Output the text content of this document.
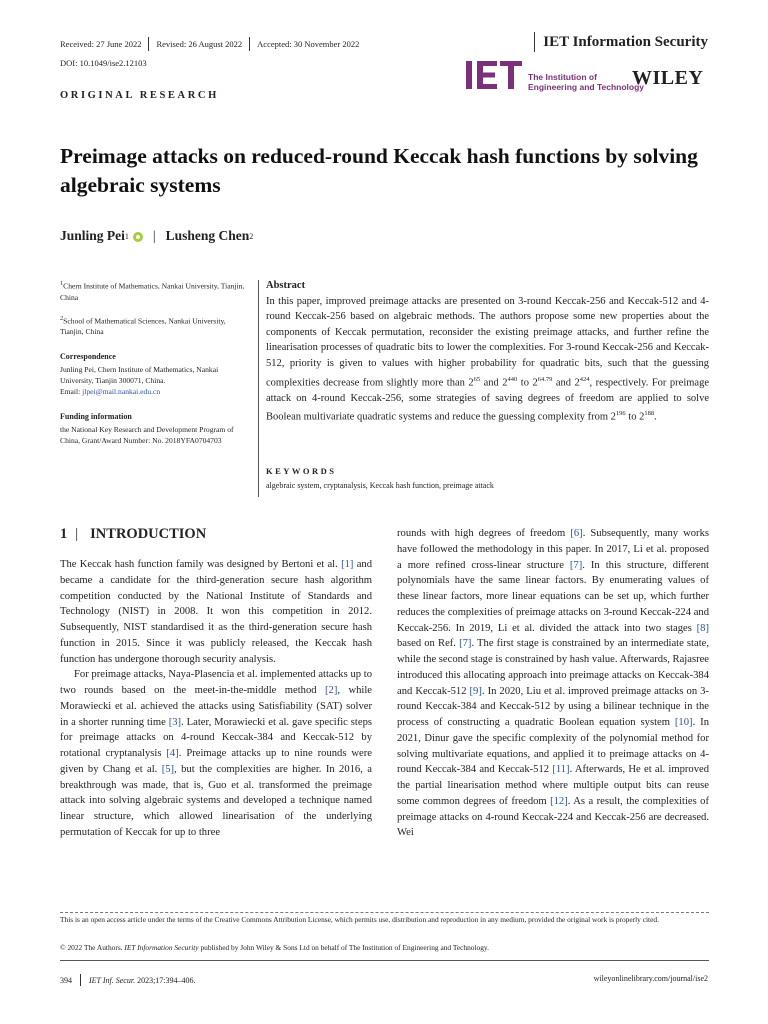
Received: 27 June 2022 Revised: 26 August 2022 Accepted: 30 November 2022	IET Information Security
DOI: 10.1049/ise2.12103
The Institution of
Engineering and Technology
WILEY
ORIGINAL RESEARCH
Preimage attacks on reduced-round Keccak hash functions by solving algebraic systems
Junling Pei 1 | Lusheng Chen 2
$^1$Chern Institute of Mathematics, Nankai University, Tianjin, China
$^2$School of Mathematical Sciences, Nankai University, Tianjin, China
Correspondence
Junling Pei, Chern Institute of Mathematics, Nankai University, Tianjin 300071, China.
Email: jlpei@mail.nankai.edu.cn
Funding information
the National Key Research and Development Program of China, Grant/Award Number: No. 2018YFA0704703
Abstract

In this paper, improved preimage attacks are presented on 3-round Keccak-256 and Keccak-512 and 4-round Keccak-256 based on algebraic methods. The authors propose some new properties about the components of Keccak permutation, reconsider the existing preimage attacks, and further refine the linearisation processes of quadratic bits to lower the complexities. For 3-round Keccak-256 and Keccak-512, priority is given to values with higher probability for quadratic bits, such that the guessing complexities decrease from slightly more than $2^{65}$ and $2^{440}$ to $2^{64.79}$ and $2^{424}$, respectively. For preimage attack on 4-round Keccak-256, some strategies of saving degrees of freedom are applied to solve Boolean multivariate quadratic systems and reduce the guessing complexity from $2^{196}$ to $2^{188}$.

KEYWORDS
algebraic system, cryptanalysis, Keccak hash function, preimage attack
1 | INTRODUCTION

The Keccak hash function family was designed by Bertoni et al. [1] and became a candidate for the third-generation secure hash algorithm competition conducted by the National Institute of Standards and Technology (NIST) in 2008. It won this competition in 2012. Subsequently, NIST standardised it as the third-generation secure hash function in 2015. Since it was publicly released, the Keccak hash function has undergone thorough security analysis.

For preimage attacks, Naya-Plasencia et al. implemented attacks up to two rounds based on the meet-in-the-middle method [2], while Morawiecki et al. achieved the attacks using Satisfiability (SAT) solver in a shorter running time [3]. Later, Morawiecki et al. gave specific steps for preimage attacks on 4-round Keccak-384 and Keccak-512 by rotational cryptanalysis [4]. Preimage attacks up to nine rounds were given by Chang et al. [5], but the complexities are higher. In 2016, a breakthrough was made, that is, Guo et al. transformed the preimage attack into solving algebraic systems and developed a technique named linear structure, which allowed linearisation of the underlying permutation of Keccak for up to three

rounds with high degrees of freedom [6]. Subsequently, many works have followed the methodology in this paper. In 2017, Li et al. proposed a more refined cross-linear structure [7]. In this structure, different polynomials have the same linear factors. By enumerating values of these linear factors, more linear equations can be set up, which further reduces the complexities of preimage attacks on 3-round Keccak-224 and Keccak-256. In 2019, Li et al. divided the attack into two stages [8] based on Ref. [7]. The first stage is constrained by an intermediate state, while the second stage is constrained by hash value. Afterwards, Rajasree introduced this allocating approach into preimage attacks on Keccak-384 and Keccak-512 [9]. In 2020, Liu et al. improved preimage attacks on 3-round Keccak-384 and Keccak-512 by using a bilinear technique in the process of constructing a quadratic Boolean equation system [10]. In 2021, Dinur gave the specific complexity of the polynomial method for solving multivariate equations, and applied it to preimage attacks on 4-round Keccak-384 and Keccak-512 [11]. Afterwards, He et al. improved the partial linearisation method where multiple output bits can reuse some common degrees of freedom [12]. As a result, the complexities of preimage attacks on 4-round Keccak-224 and Keccak-256 are decreased. Wei

This is an open access article under the terms of the Creative Commons Attribution License, which permits use, distribution and reproduction in any medium, provided the original work is properly cited.
© 2022 The Authors. IET Information Security published by John Wiley & Sons Ltd on behalf of The Institution of Engineering and Technology.
394 IET Inf. Secur.
2023;17:394–406.	wileyonlinelibrary.com/journal/ise2
